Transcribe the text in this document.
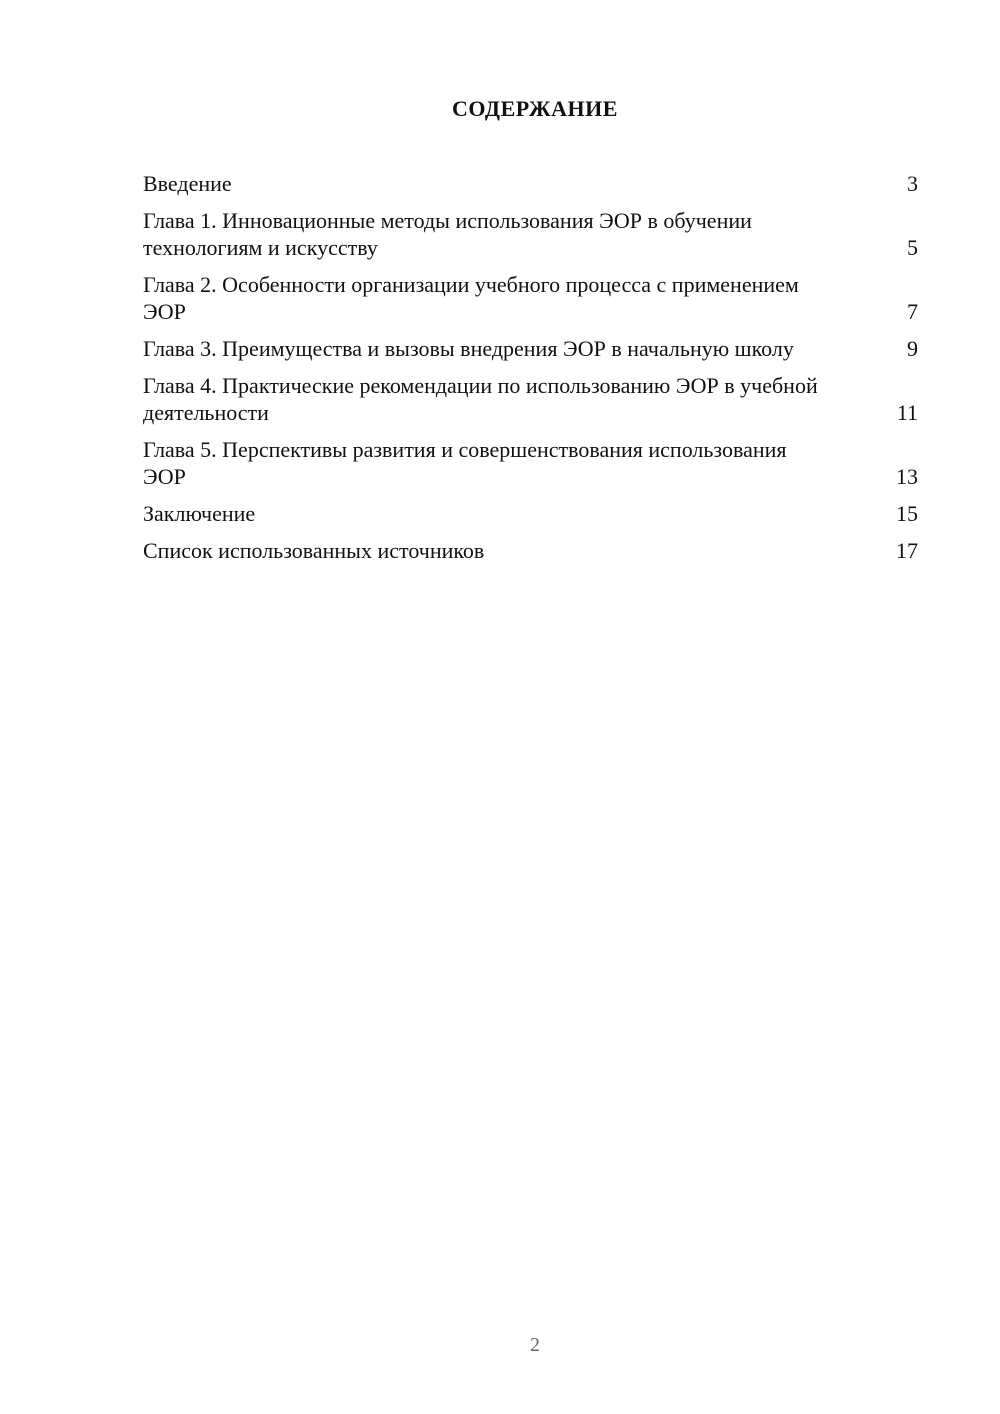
СОДЕРЖАНИЕ
Введение	3
Глава 1. Инновационные методы использования ЭОР в обучении технологиям и искусству	5
Глава 2. Особенности организации учебного процесса с применением ЭОР	7
Глава 3. Преимущества и вызовы внедрения ЭОР в начальную школу	9
Глава 4. Практические рекомендации по использованию ЭОР в учебной деятельности	11
Глава 5. Перспективы развития и совершенствования использования ЭОР	13
Заключение	15
Список использованных источников	17
2
